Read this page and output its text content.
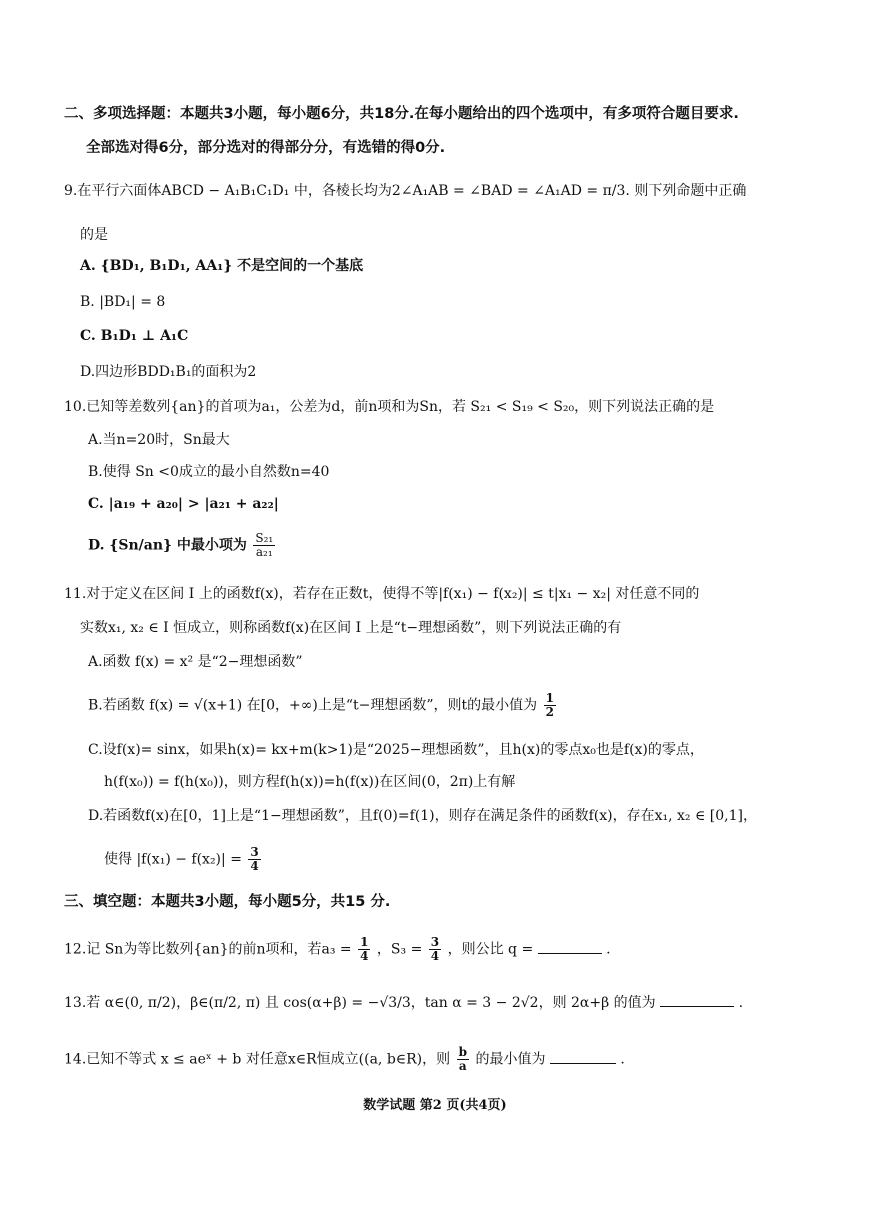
二、多项选择题：本题共3小题，每小题6分，共18分.在每小题给出的四个选项中，有多项符合题目要求.
全部选对得6分，部分选对的得部分分，有选错的得0分.
9.在平行六面体ABCD − A₁B₁C₁D₁ 中，各棱长均为2∠A₁AB = ∠BAD = ∠A₁AD = π/3. 则下列命题中正确
的是
A. {BD₁, B₁D₁, AA₁} 不是空间的一个基底
B. |BD₁| = 8
C. B₁D₁ ⊥ A₁C
D.四边形BDD₁B₁的面积为2
10.已知等差数列{an}的首项为a₁，公差为d，前n项和为Sn，若 S₂₁ < S₁₉ < S₂₀，则下列说法正确的是
A.当n=20时，Sn最大
B.使得 Sn <0成立的最小自然数n=40
C. |a₁₉ + a₂₀| > |a₂₁ + a₂₂|
D. {Sn/an} 中最小项为 $\frac{\text{S₂₁}}{\text{a₂₁}}$
11.对于定义在区间 I 上的函数f(x)，若存在正数t，使得不等|f(x₁) − f(x₂)| ≤ t|x₁ − x₂| 对任意不同的
实数x₁, x₂ ∈ I 恒成立，则称函数f(x)在区间 I 上是“t−理想函数”，则下列说法正确的有
A.函数 f(x) = x² 是“2−理想函数”
B.若函数 f(x) = √(x+1) 在[0，+∞)上是“t−理想函数”，则t的最小值为 $\frac{1}{2}$
C.设f(x)= sinx，如果h(x)= kx+m(k>1)是“2025−理想函数”，且h(x)的零点x₀也是f(x)的零点，
h(f(x₀)) = f(h(x₀))，则方程f(h(x))=h(f(x))在区间(0，2π)上有解
D.若函数f(x)在[0，1]上是“1−理想函数”，且f(0)=f(1)，则存在满足条件的函数f(x)，存在x₁, x₂ ∈ [0,1]，
使得 $|f(x_1) - f(x_2)| = \frac{3}{4}$
三、填空题：本题共3小题，每小题5分，共15 分.
12.记 Sn为等比数列{an}的前n项和，若$a_3 = \frac{1}{4}$ ，$S_3 = \frac{3}{4}$ ，则公比 q =	.
13.若 α∈(0, π/2)，β∈(π/2, π) 且 cos(α+β) = −√3/3，tan α = 3 − 2√2，则 2α+β 的值为	.
14.已知不等式 x ≤ aeˣ + b 对任意x∈R恒成立((a, b∈R)，则 $\frac{b}{a}$ 的最小值为	.
数学试题 第2 页(共4页)
